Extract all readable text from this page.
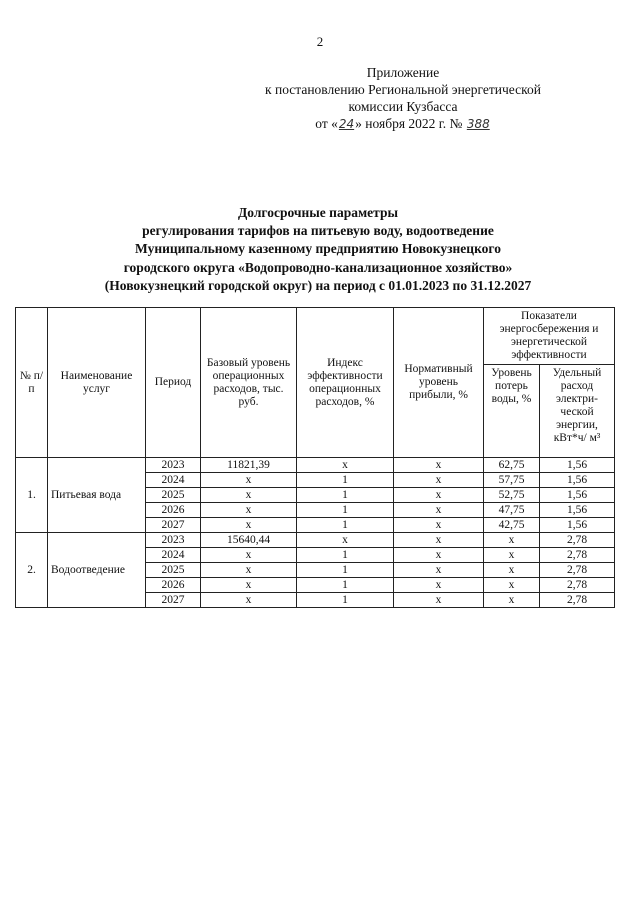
2
Приложение
к постановлению Региональной энергетической
комиссии Кузбасса
от «24» ноября 2022 г. № 388
Долгосрочные параметры
регулирования тарифов на питьевую воду, водоотведение
Муниципальному казенному предприятию Новокузнецкого
городского округа «Водопроводно-канализационное хозяйство»
(Новокузнецкий городской округ) на период с 01.01.2023 по 31.12.2027
№ п/п	Наименование услуг	Период	Базовый уровень операционных расходов, тыс. руб.	Индекс эффективности операционных расходов, %	Нормативный уровень прибыли, %	Показатели энергосбережения и энергетической эффективности	
						Уровень потерь воды, %	Удельный расход электри-ческой энергии, кВт*ч/ м³
1.	Питьевая вода	2023	11821,39	х	х	62,75	1,56
		2024	х	1	х	57,75	1,56
		2025	х	1	х	52,75	1,56
		2026	х	1	х	47,75	1,56
		2027	х	1	х	42,75	1,56
2.	Водоотведение	2023	15640,44	х	х	х	2,78
		2024	х	1	х	х	2,78
		2025	х	1	х	х	2,78
		2026	х	1	х	х	2,78
		2027	х	1	х	х	2,78
